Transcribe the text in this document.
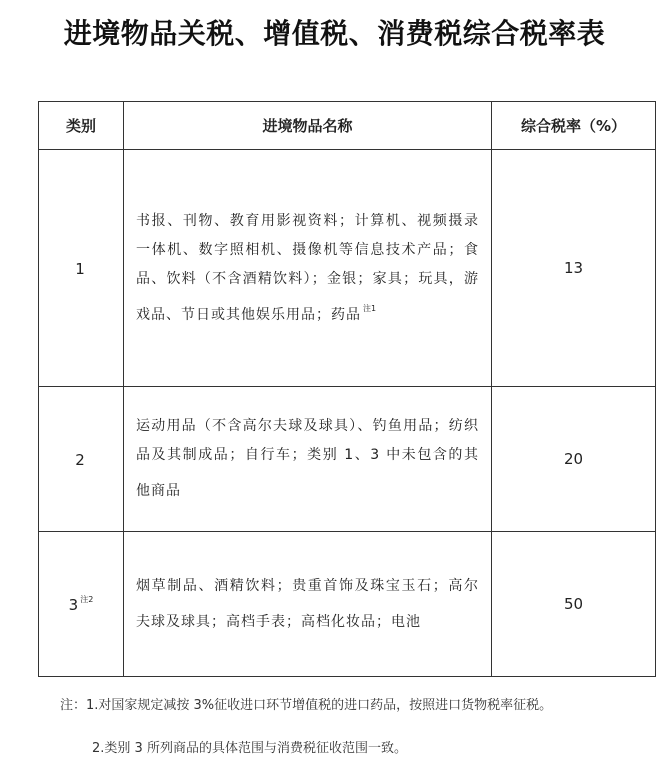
进境物品关税、增值税、消费税综合税率表
类别	进境物品名称	综合税率（%）
1	书报、刊物、教育用影视资料；计算机、视频摄录一体机、数字照相机、摄像机等信息技术产品；食品、饮料（不含酒精饮料）；金银；家具；玩具，游戏品、节日或其他娱乐用品；药品 $^{注1}$	13
2	运动用品（不含高尔夫球及球具）、钓鱼用品；纺织品及其制成品；自行车；类别 1、3 中未包含的其他商品	20
3 $^{注2}$	烟草制品、酒精饮料；贵重首饰及珠宝玉石；高尔夫球及球具；高档手表；高档化妆品；电池	50
注：1.对国家规定减按 3%征收进口环节增值税的进口药品，按照进口货物税率征税。
2.类别 3 所列商品的具体范围与消费税征收范围一致。
